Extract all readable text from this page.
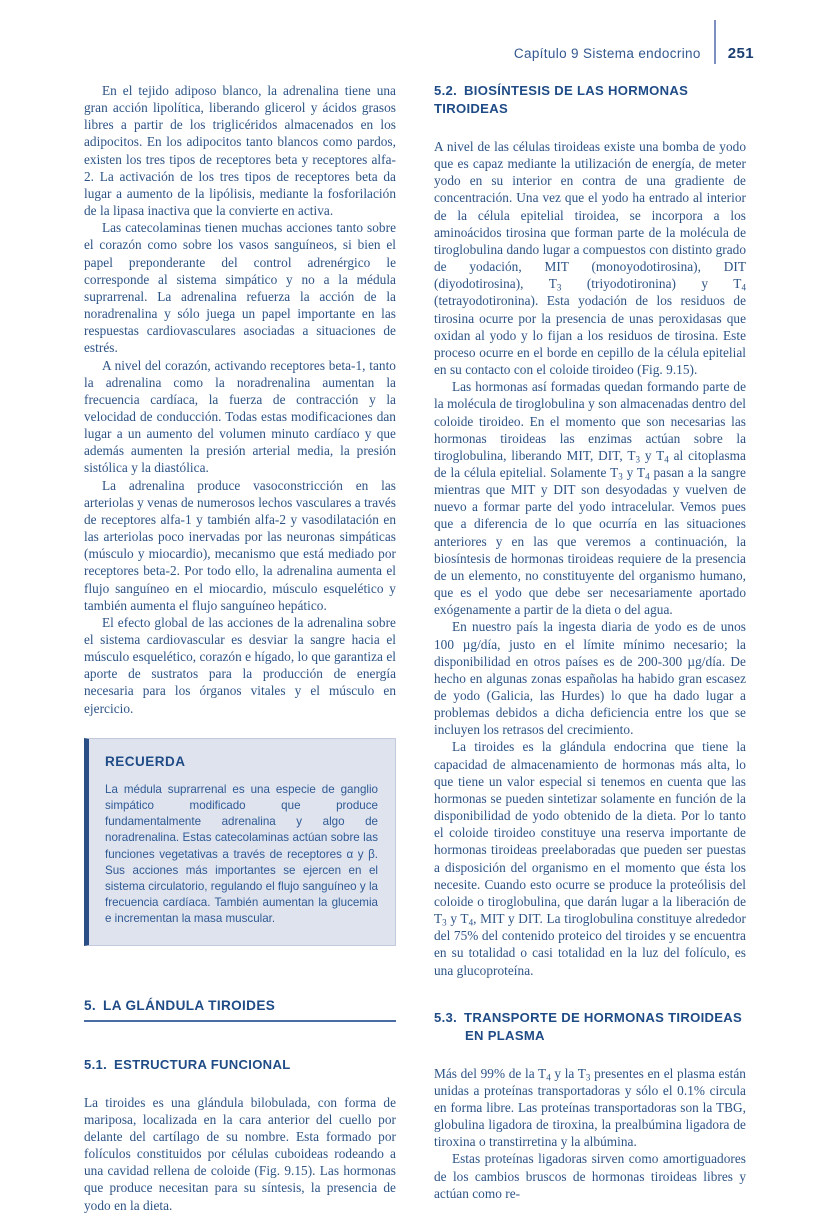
Capítulo 9 Sistema endocrino	251

En el tejido adiposo blanco, la adrenalina tiene una gran acción lipolítica, liberando glicerol y ácidos grasos libres a partir de los triglicéridos almacenados en los adipocitos. En los adipocitos tanto blancos como pardos, existen los tres tipos de receptores beta y receptores alfa-2. La activación de los tres tipos de receptores beta da lugar a aumento de la lipólisis, mediante la fosforilación de la lipasa inactiva que la convierte en activa.

Las catecolaminas tienen muchas acciones tanto sobre el corazón como sobre los vasos sanguíneos, si bien el papel preponderante del control adrenérgico le corresponde al sistema simpático y no a la médula suprarrenal. La adrenalina refuerza la acción de la noradrenalina y sólo juega un papel importante en las respuestas cardiovasculares asociadas a situaciones de estrés.

A nivel del corazón, activando receptores beta-1, tanto la adrenalina como la noradrenalina aumentan la frecuencia cardíaca, la fuerza de contracción y la velocidad de conducción. Todas estas modificaciones dan lugar a un aumento del volumen minuto cardíaco y que además aumenten la presión arterial media, la presión sistólica y la diastólica.

La adrenalina produce vasoconstricción en las arteriolas y venas de numerosos lechos vasculares a través de receptores alfa-1 y también alfa-2 y vasodilatación en las arteriolas poco inervadas por las neuronas simpáticas (músculo y miocardio), mecanismo que está mediado por receptores beta-2. Por todo ello, la adrenalina aumenta el flujo sanguíneo en el miocardio, músculo esquelético y también aumenta el flujo sanguíneo hepático.

El efecto global de las acciones de la adrenalina sobre el sistema cardiovascular es desviar la sangre hacia el músculo esquelético, corazón e hígado, lo que garantiza el aporte de sustratos para la producción de energía necesaria para los órganos vitales y el músculo en ejercicio.

RECUERDA

La médula suprarrenal es una especie de ganglio simpático modificado que produce fundamentalmente adrenalina y algo de noradrenalina. Estas catecolaminas actúan sobre las funciones vegetativas a través de receptores α y β. Sus acciones más importantes se ejercen en el sistema circulatorio, regulando el flujo sanguíneo y la frecuencia cardíaca. También aumentan la glucemia e incrementan la masa muscular.

5. LA GLÁNDULA TIROIDES
5.1. ESTRUCTURA FUNCIONAL

La tiroides es una glándula bilobulada, con forma de mariposa, localizada en la cara anterior del cuello por delante del cartílago de su nombre. Esta formado por folículos constituidos por células cuboideas rodeando a una cavidad rellena de coloide (Fig. 9.15). Las hormonas que produce necesitan para su síntesis, la presencia de yodo en la dieta.

5.2. BIOSÍNTESIS DE LAS HORMONAS TIROIDEAS

A nivel de las células tiroideas existe una bomba de yodo que es capaz mediante la utilización de energía, de meter yodo en su interior en contra de una gradiente de concentración. Una vez que el yodo ha entrado al interior de la célula epitelial tiroidea, se incorpora a los aminoácidos tirosina que forman parte de la molécula de tiroglobulina dando lugar a compuestos con distinto grado de yodación, MIT (monoyodotirosina), DIT (diyodotirosina), $T_3$ (triyodotironina) y $T_4$ (tetrayodotironina). Esta yodación de los residuos de tirosina ocurre por la presencia de unas peroxidasas que oxidan al yodo y lo fijan a los residuos de tirosina. Este proceso ocurre en el borde en cepillo de la célula epitelial en su contacto con el coloide tiroideo (Fig. 9.15).

Las hormonas así formadas quedan formando parte de la molécula de tiroglobulina y son almacenadas dentro del coloide tiroideo. En el momento que son necesarias las hormonas tiroideas las enzimas actúan sobre la tiroglobulina, liberando MIT, DIT, $T_3$ y $T_4$ al citoplasma de la célula epitelial. Solamente $T_3$ y $T_4$ pasan a la sangre mientras que MIT y DIT son desyodadas y vuelven de nuevo a formar parte del yodo intracelular. Vemos pues que a diferencia de lo que ocurría en las situaciones anteriores y en las que veremos a continuación, la biosíntesis de hormonas tiroideas requiere de la presencia de un elemento, no constituyente del organismo humano, que es el yodo que debe ser necesariamente aportado exógenamente a partir de la dieta o del agua.

En nuestro país la ingesta diaria de yodo es de unos 100 µg/día, justo en el límite mínimo necesario; la disponibilidad en otros países es de 200-300 µg/día. De hecho en algunas zonas españolas ha habido gran escasez de yodo (Galicia, las Hurdes) lo que ha dado lugar a problemas debidos a dicha deficiencia entre los que se incluyen los retrasos del crecimiento.

La tiroides es la glándula endocrina que tiene la capacidad de almacenamiento de hormonas más alta, lo que tiene un valor especial si tenemos en cuenta que las hormonas se pueden sintetizar solamente en función de la disponibilidad de yodo obtenido de la dieta. Por lo tanto el coloide tiroideo constituye una reserva importante de hormonas tiroideas preelaboradas que pueden ser puestas a disposición del organismo en el momento que ésta los necesite. Cuando esto ocurre se produce la proteólisis del coloide o tiroglobulina, que darán lugar a la liberación de $T_3$ y $T_4$, MIT y DIT. La tiroglobulina constituye alrededor del 75% del contenido proteico del tiroides y se encuentra en su totalidad o casi totalidad en la luz del folículo, es una glucoproteína.

5.3. TRANSPORTE DE HORMONAS TIROIDEAS
EN PLASMA

Más del 99% de la $T_4$ y la $T_3$ presentes en el plasma están unidas a proteínas transportadoras y sólo el 0.1% circula en forma libre. Las proteínas transportadoras son la TBG, globulina ligadora de tiroxina, la prealbúmina ligadora de tiroxina o transtirretina y la albúmina.

Estas proteínas ligadoras sirven como amortiguadores de los cambios bruscos de hormonas tiroideas libres y actúan como re-
